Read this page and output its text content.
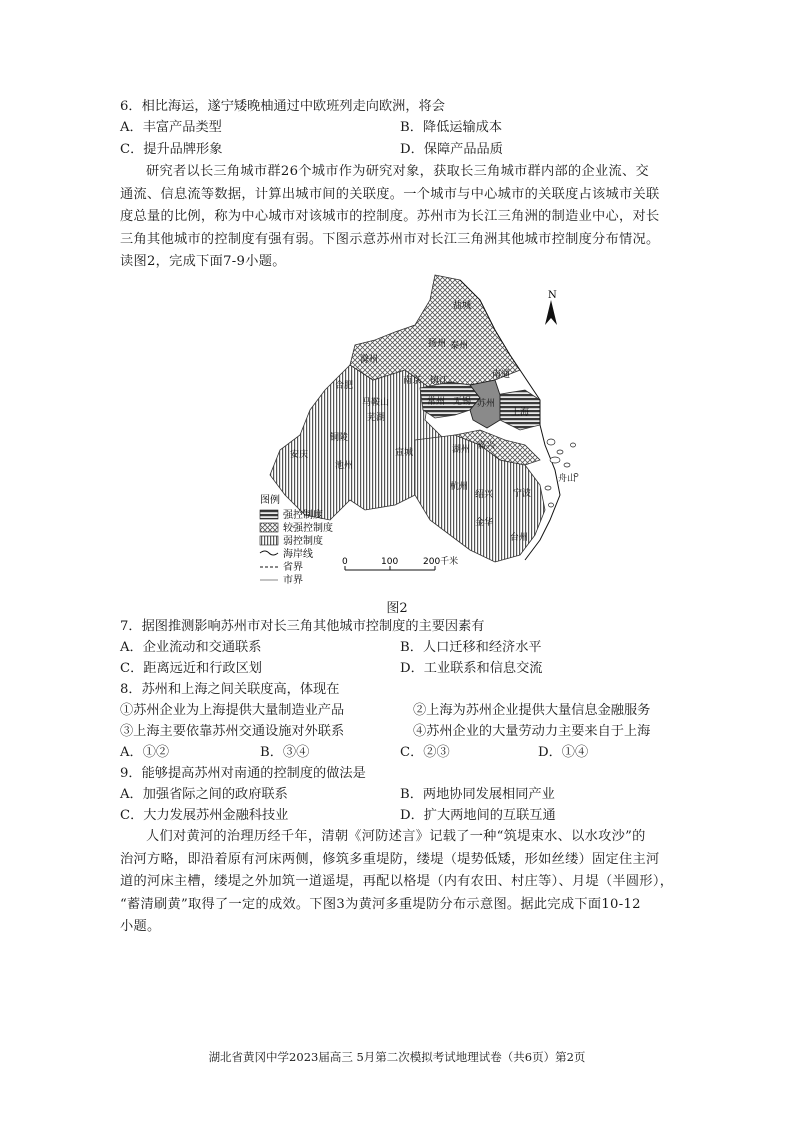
6．相比海运，遂宁矮晚柚通过中欧班列走向欧洲，将会
A．丰富产品类型	B．降低运输成本
C．提升品牌形象	D．保障产品品质
研究者以长三角城市群26个城市作为研究对象，获取长三角城市群内部的企业流、交
通流、信息流等数据，计算出城市间的关联度。一个城市与中心城市的关联度占该城市关联
度总量的比例，称为中心城市对该城市的控制度。苏州市为长江三角洲的制造业中心，对长
三角其他城市的控制度有强有弱。下图示意苏州市对长江三角洲其他城市控制度分布情况。
读图2，完成下面7-9小题。
N
盐城
扬州 泰州
滁州
南京 镇江
常州 无锡 苏州
南通
上海
合肥
马鞍山
芜湖
铜陵
安庆
池州
宣城	湖州 嘉兴
杭州
绍兴 宁波
舟山
金华
台州
图例
强控制度
较强控制度
弱控制度
海岸线
省界
市界
0	100	200千米
图2
7．据图推测影响苏州市对长三角其他城市控制度的主要因素有
A．企业流动和交通联系	B．人口迁移和经济水平
C．距离远近和行政区划	D．工业联系和信息交流
8．苏州和上海之间关联度高，体现在
①苏州企业为上海提供大量制造业产品	②上海为苏州企业提供大量信息金融服务
③上海主要依靠苏州交通设施对外联系	④苏州企业的大量劳动力主要来自于上海
A．①②	B．③④	C．②③	D．①④
9．能够提高苏州对南通的控制度的做法是
A．加强省际之间的政府联系	B．两地协同发展相同产业
C．大力发展苏州金融科技业	D．扩大两地间的互联互通
人们对黄河的治理历经千年，清朝《河防述言》记载了一种“筑堤束水、以水攻沙”的
治河方略，即沿着原有河床两侧，修筑多重堤防，缕堤（堤势低矮，形如丝缕）固定住主河
道的河床主槽，缕堤之外加筑一道遥堤，再配以格堤（内有农田、村庄等）、月堤（半圆形），
“蓄清刷黄”取得了一定的成效。下图3为黄河多重堤防分布示意图。据此完成下面10-12
小题。
湖北省黄冈中学2023届高三 5月第二次模拟考试地理试卷（共6页）第2页
